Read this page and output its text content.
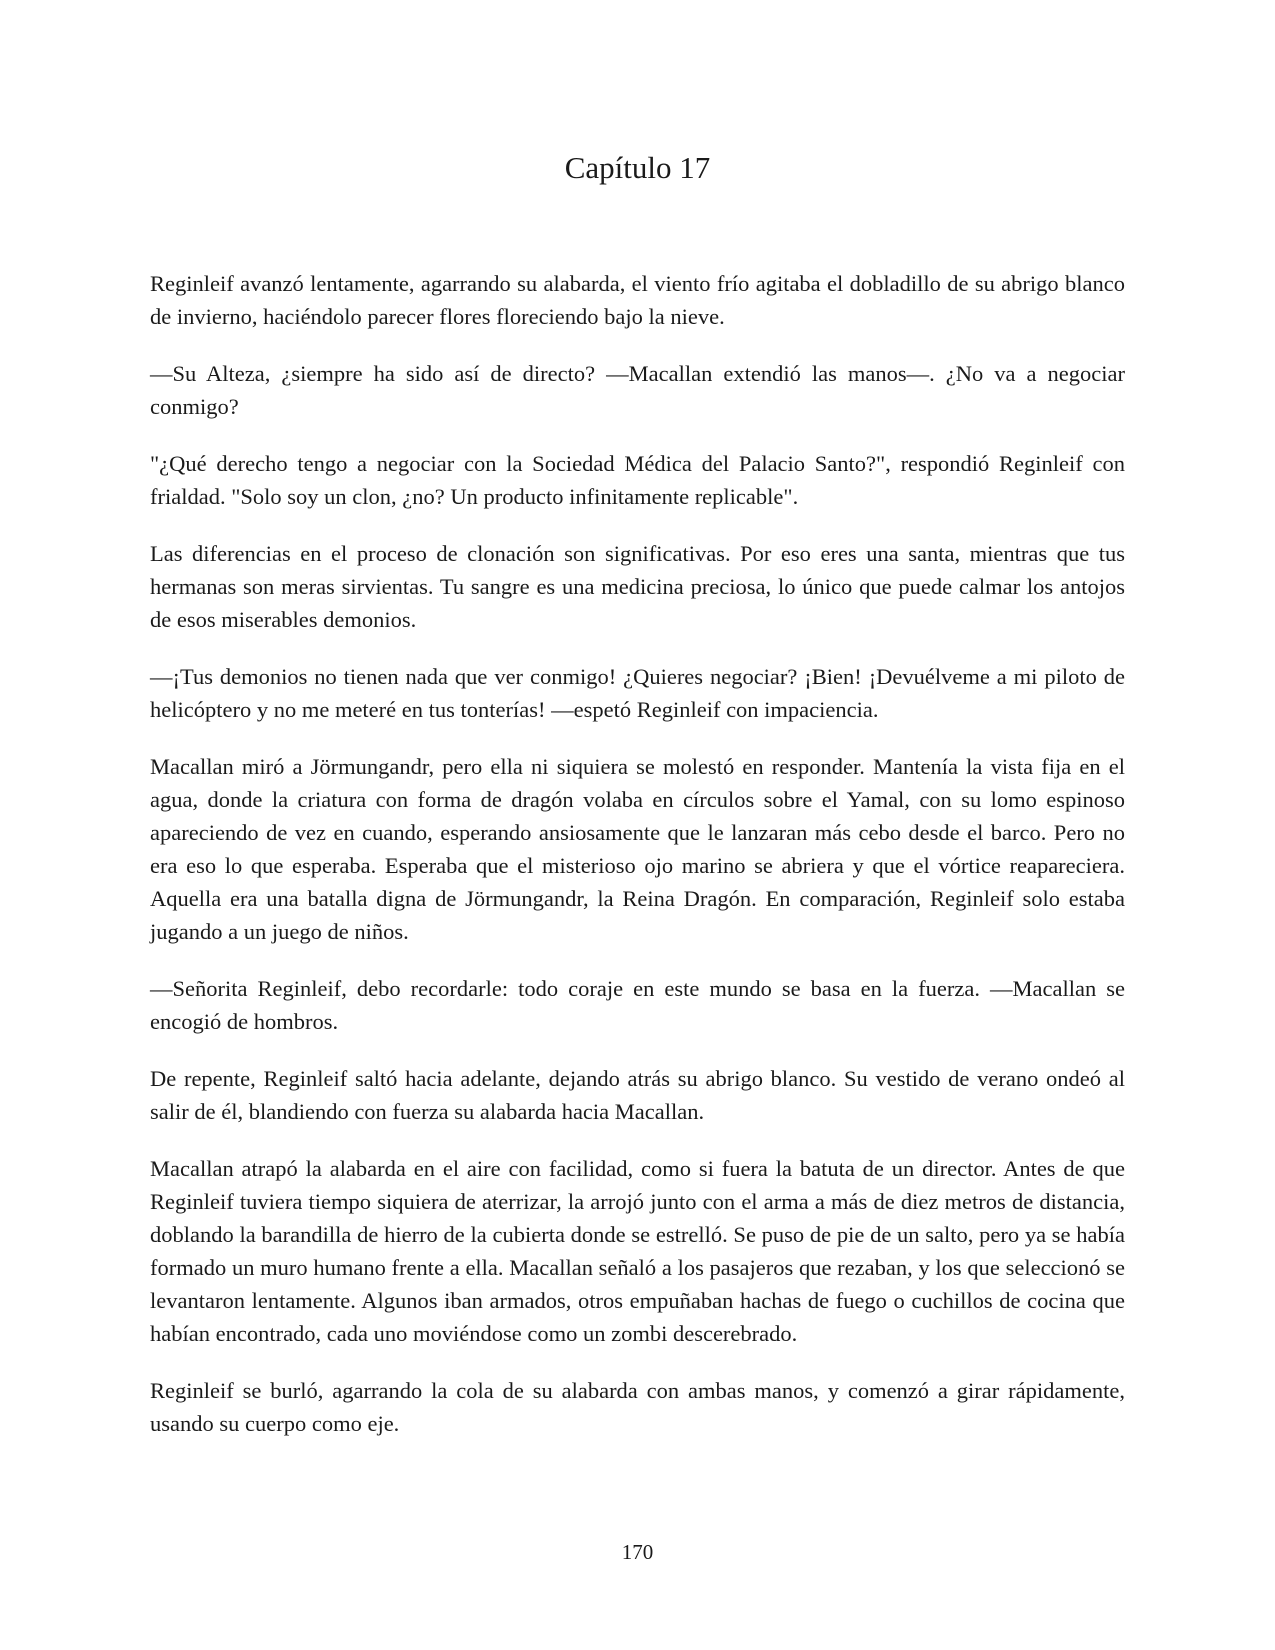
Capítulo 17

Reginleif avanzó lentamente, agarrando su alabarda, el viento frío agitaba el dobladillo de su abrigo blanco de invierno, haciéndolo parecer flores floreciendo bajo la nieve.

—Su Alteza, ¿siempre ha sido así de directo? —Macallan extendió las manos—. ¿No va a negociar conmigo?

"¿Qué derecho tengo a negociar con la Sociedad Médica del Palacio Santo?", respondió Reginleif con frialdad. "Solo soy un clon, ¿no? Un producto infinitamente replicable".

Las diferencias en el proceso de clonación son significativas. Por eso eres una santa, mientras que tus hermanas son meras sirvientas. Tu sangre es una medicina preciosa, lo único que puede calmar los antojos de esos miserables demonios.

—¡Tus demonios no tienen nada que ver conmigo! ¿Quieres negociar? ¡Bien! ¡Devuélveme a mi piloto de helicóptero y no me meteré en tus tonterías! —espetó Reginleif con impaciencia.

Macallan miró a Jörmungandr, pero ella ni siquiera se molestó en responder. Mantenía la vista fija en el agua, donde la criatura con forma de dragón volaba en círculos sobre el Yamal, con su lomo espinoso apareciendo de vez en cuando, esperando ansiosamente que le lanzaran más cebo desde el barco. Pero no era eso lo que esperaba. Esperaba que el misterioso ojo marino se abriera y que el vórtice reapareciera. Aquella era una batalla digna de Jörmungandr, la Reina Dragón. En comparación, Reginleif solo estaba jugando a un juego de niños.

—Señorita Reginleif, debo recordarle: todo coraje en este mundo se basa en la fuerza. —Macallan se encogió de hombros.

De repente, Reginleif saltó hacia adelante, dejando atrás su abrigo blanco. Su vestido de verano ondeó al salir de él, blandiendo con fuerza su alabarda hacia Macallan.

Macallan atrapó la alabarda en el aire con facilidad, como si fuera la batuta de un director. Antes de que Reginleif tuviera tiempo siquiera de aterrizar, la arrojó junto con el arma a más de diez metros de distancia, doblando la barandilla de hierro de la cubierta donde se estrelló. Se puso de pie de un salto, pero ya se había formado un muro humano frente a ella. Macallan señaló a los pasajeros que rezaban, y los que seleccionó se levantaron lentamente. Algunos iban armados, otros empuñaban hachas de fuego o cuchillos de cocina que habían encontrado, cada uno moviéndose como un zombi descerebrado.

Reginleif se burló, agarrando la cola de su alabarda con ambas manos, y comenzó a girar rápidamente, usando su cuerpo como eje.

170
